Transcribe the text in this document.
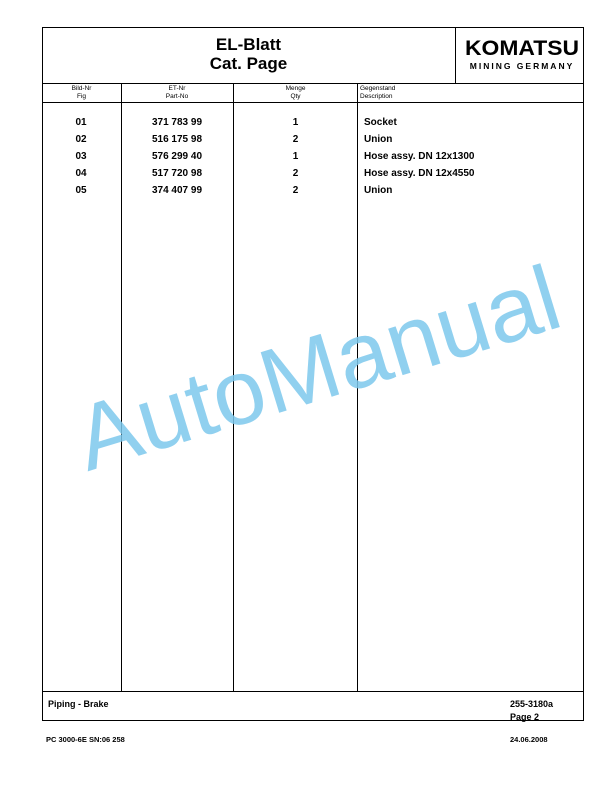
EL-Blatt
Cat. Page
KOMATSU
MINING GERMANY
Bild-Nr
Fig
ET-Nr
Part-No
Menge
Qty
Gegenstand
Description
AutoManual
01	371 783 99	1	Socket
02	516 175 98	2	Union
03	576 299 40	1	Hose assy. DN 12x1300
04	517 720 98	2	Hose assy. DN 12x4550
05	374 407 99	2	Union
Piping - Brake	255-3180a
Page 2
PC 3000-6E SN:06 258	24.06.2008
